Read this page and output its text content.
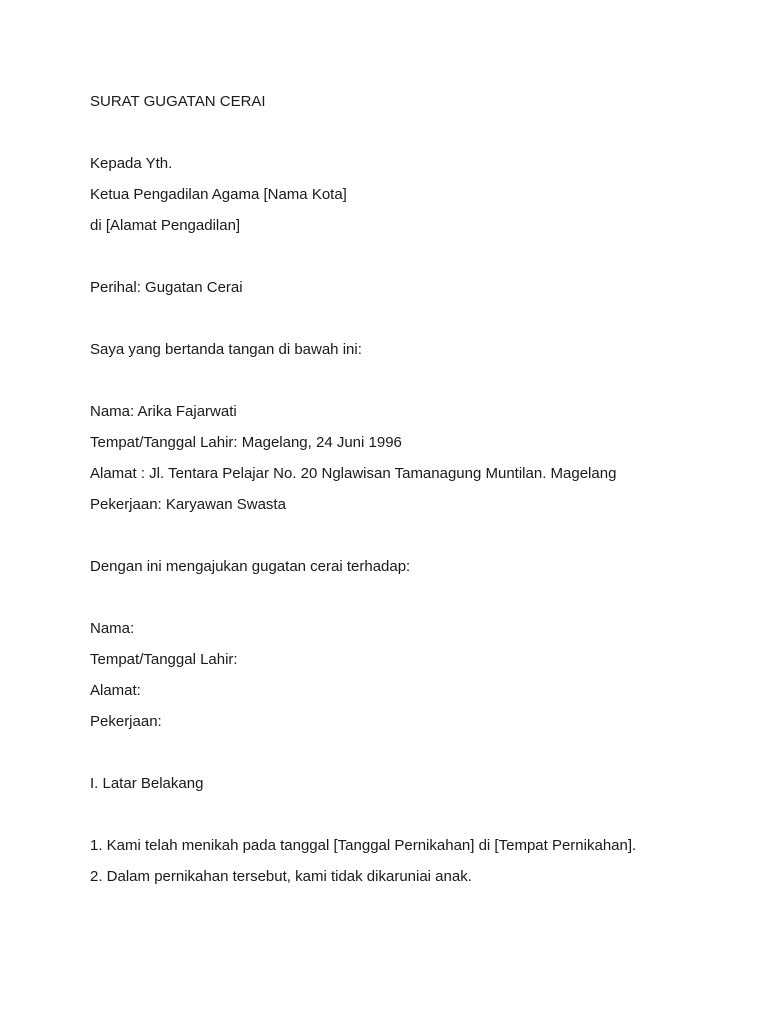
SURAT GUGATAN CERAI
Kepada Yth.
Ketua Pengadilan Agama [Nama Kota]
di [Alamat Pengadilan]
Perihal: Gugatan Cerai
Saya yang bertanda tangan di bawah ini:
Nama: Arika Fajarwati
Tempat/Tanggal Lahir: Magelang, 24 Juni 1996
Alamat : Jl. Tentara Pelajar No. 20 Nglawisan Tamanagung Muntilan. Magelang
Pekerjaan: Karyawan Swasta
Dengan ini mengajukan gugatan cerai terhadap:
Nama:
Tempat/Tanggal Lahir:
Alamat:
Pekerjaan:
I. Latar Belakang
1. Kami telah menikah pada tanggal [Tanggal Pernikahan] di [Tempat Pernikahan].
2. Dalam pernikahan tersebut, kami tidak dikaruniai anak.
